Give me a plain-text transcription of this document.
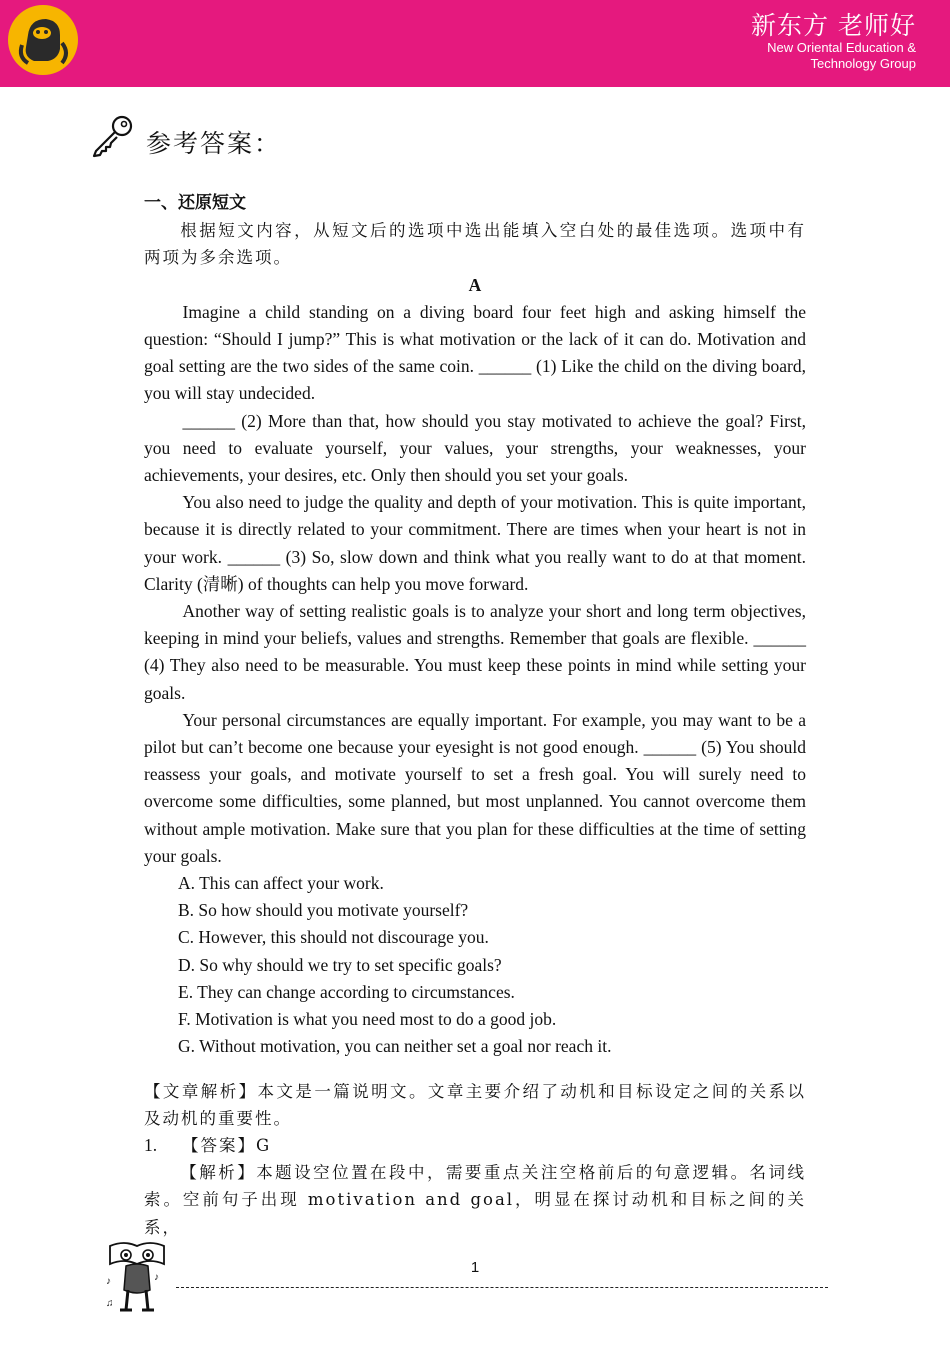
新东方 老师好
New Oriental Education &
Technology Group
参考答案：
一、还原短文

根据短文内容，从短文后的选项中选出能填入空白处的最佳选项。选项中有两项为多余选项。

A

Imagine a child standing on a diving board four feet high and asking himself the question: “Should I jump?” This is what motivation or the lack of it can do. Motivation and goal setting are the two sides of the same coin. ______ (1) Like the child on the diving board, you will stay undecided.

______ (2) More than that, how should you stay motivated to achieve the goal? First, you need to evaluate yourself, your values, your strengths, your weaknesses, your achievements, your desires, etc. Only then should you set your goals.

You also need to judge the quality and depth of your motivation. This is quite important, because it is directly related to your commitment. There are times when your heart is not in your work. ______ (3) So, slow down and think what you really want to do at that moment. Clarity (清晰) of thoughts can help you move forward.

Another way of setting realistic goals is to analyze your short and long term objectives, keeping in mind your beliefs, values and strengths. Remember that goals are flexible. ______ (4) They also need to be measurable. You must keep these points in mind while setting your goals.

Your personal circumstances are equally important. For example, you may want to be a pilot but can’t become one because your eyesight is not good enough. ______ (5) You should reassess your goals, and motivate yourself to set a fresh goal. You will surely need to overcome some difficulties, some planned, but most unplanned. You cannot overcome them without ample motivation. Make sure that you plan for these difficulties at the time of setting your goals.

A. This can affect your work.

B. So how should you motivate yourself?

C. However, this should not discourage you.

D. So why should we try to set specific goals?

E. They can change according to circumstances.

F. Motivation is what you need most to do a good job.

G. Without motivation, you can neither set a goal nor reach it.

【文章解析】本文是一篇说明文。文章主要介绍了动机和目标设定之间的关系以及动机的重要性。

1. 【答案】G

【解析】本题设空位置在段中，需要重点关注空格前后的句意逻辑。名词线索。空前句子出现 motivation and goal，明显在探讨动机和目标之间的关系，

♪	♪
♫
1
